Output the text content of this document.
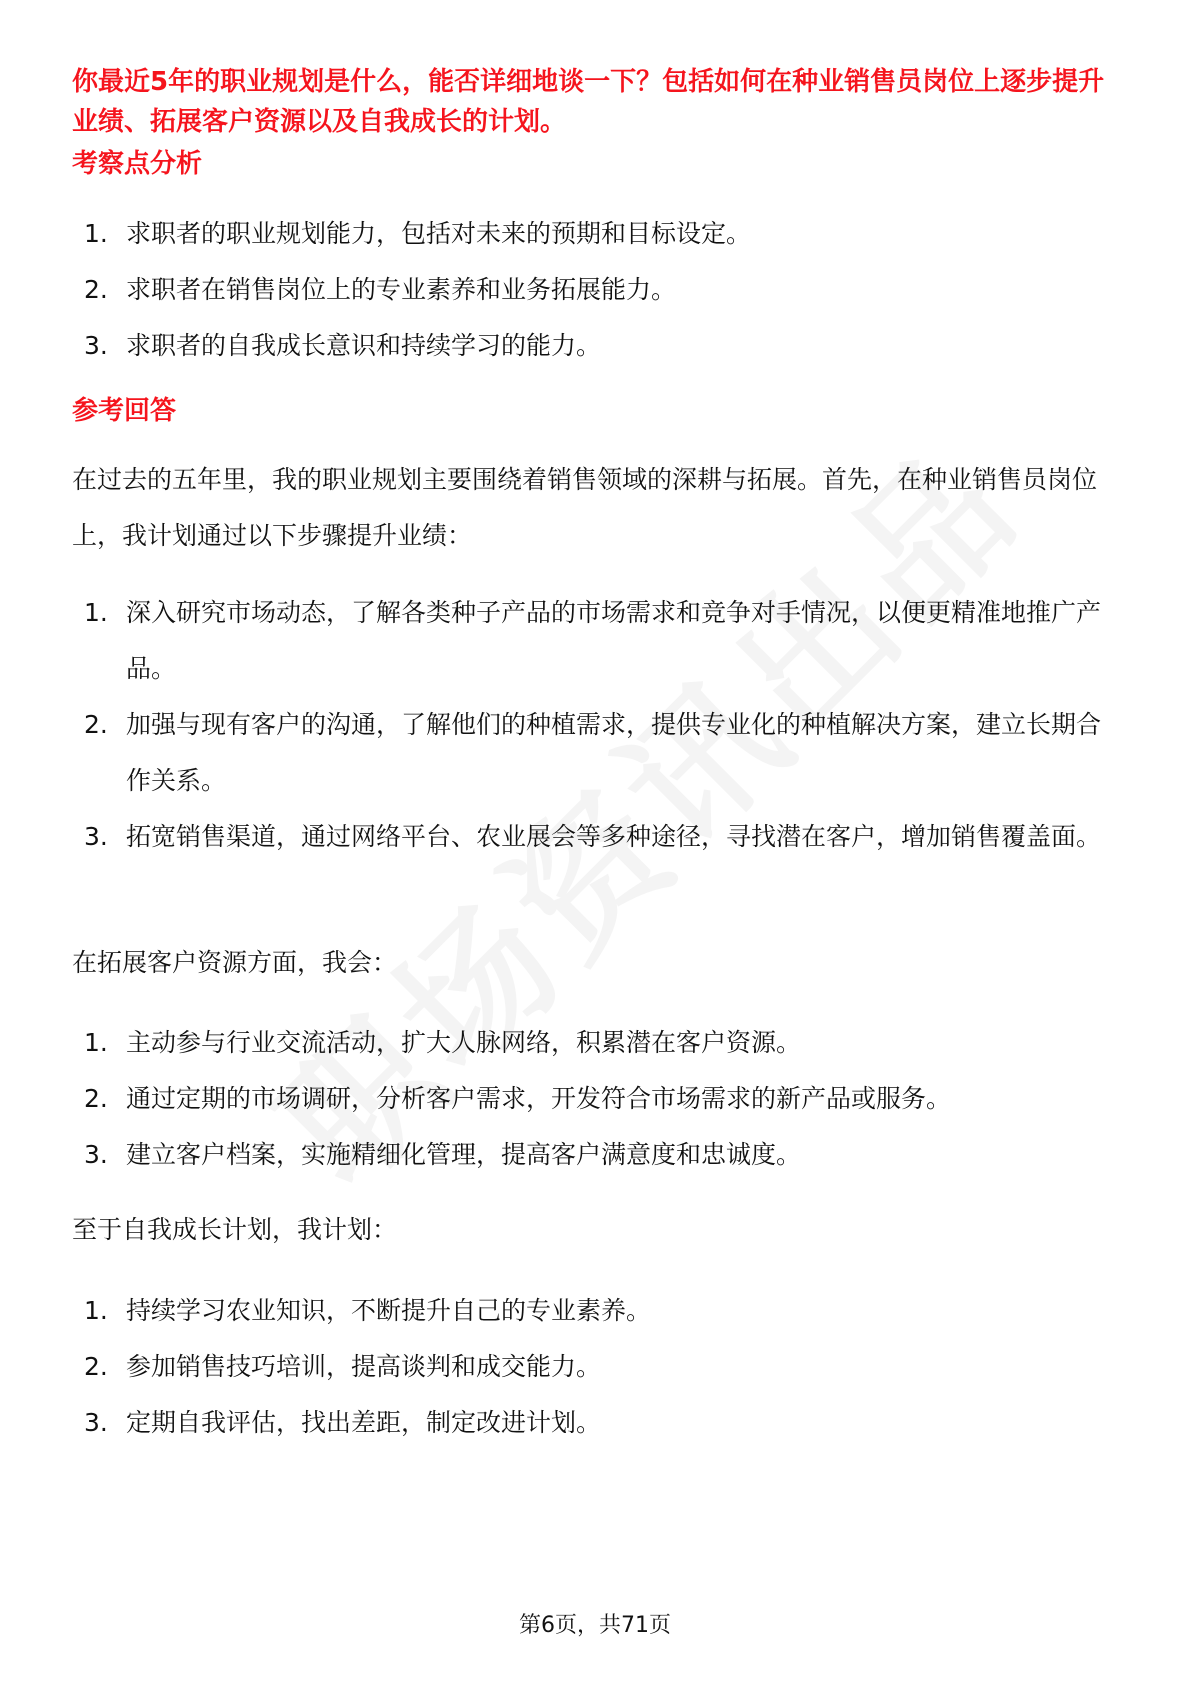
你最近5年的职业规划是什么，能否详细地谈一下？包括如何在种业销售员岗位上逐步提升业绩、拓展客户资源以及自我成长的计划。

考察点分析
1. 求职者的职业规划能力，包括对未来的预期和目标设定。
2. 求职者在销售岗位上的专业素养和业务拓展能力。
3. 求职者的自我成长意识和持续学习的能力。
参考回答

在过去的五年里，我的职业规划主要围绕着销售领域的深耕与拓展。首先，在种业销售员岗位上，我计划通过以下步骤提升业绩：

1. 深入研究市场动态，了解各类种子产品的市场需求和竞争对手情况，以便更精准地推广产品。
2. 加强与现有客户的沟通，了解他们的种植需求，提供专业化的种植解决方案，建立长期合作关系。
3. 拓宽销售渠道，通过网络平台、农业展会等多种途径，寻找潜在客户，增加销售覆盖面。

在拓展客户资源方面，我会：

1. 主动参与行业交流活动，扩大人脉网络，积累潜在客户资源。
2. 通过定期的市场调研，分析客户需求，开发符合市场需求的新产品或服务。
3. 建立客户档案，实施精细化管理，提高客户满意度和忠诚度。

至于自我成长计划，我计划：

1. 持续学习农业知识，不断提升自己的专业素养。
2. 参加销售技巧培训，提高谈判和成交能力。
3. 定期自我评估，找出差距，制定改进计划。
第6页，共71页
